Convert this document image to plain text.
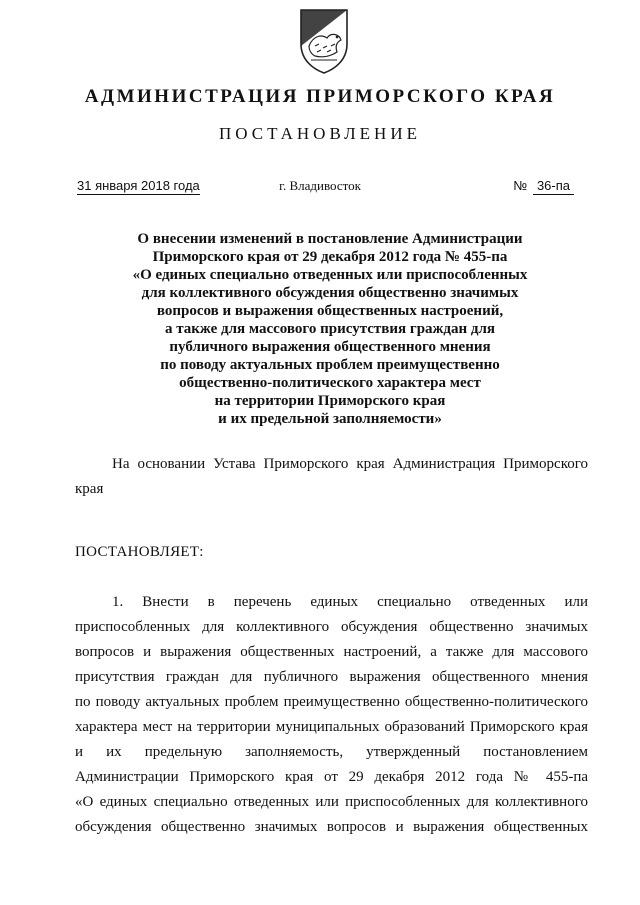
АДМИНИСТРАЦИЯ ПРИМОРСКОГО КРАЯ
ПОСТАНОВЛЕНИЕ
31 января 2018 года	г. Владивосток	№ 36-па
О внесении изменений в постановление Администрации
Приморского края от 29 декабря 2012 года № 455-па
«О единых специально отведенных или приспособленных
для коллективного обсуждения общественно значимых
вопросов и выражения общественных настроений,
а также для массового присутствия граждан для
публичного выражения общественного мнения
по поводу актуальных проблем преимущественно
общественно-политического характера мест
на территории Приморского края
и их предельной заполняемости»
На основании Устава Приморского края Администрация Приморского края
ПОСТАНОВЛЯЕТ:
1. Внести в перечень единых специально отведенных или
приспособленных для коллективного обсуждения общественно значимых
вопросов и выражения общественных настроений, а также для массового
присутствия граждан для публичного выражения общественного мнения
по поводу актуальных проблем преимущественно общественно-политического
характера мест на территории муниципальных образований Приморского края
и их предельную заполняемость, утвержденный постановлением
Администрации Приморского края от 29 декабря 2012 года № 455-па
«О единых специально отведенных или приспособленных для коллективного
обсуждения общественно значимых вопросов и выражения общественных
